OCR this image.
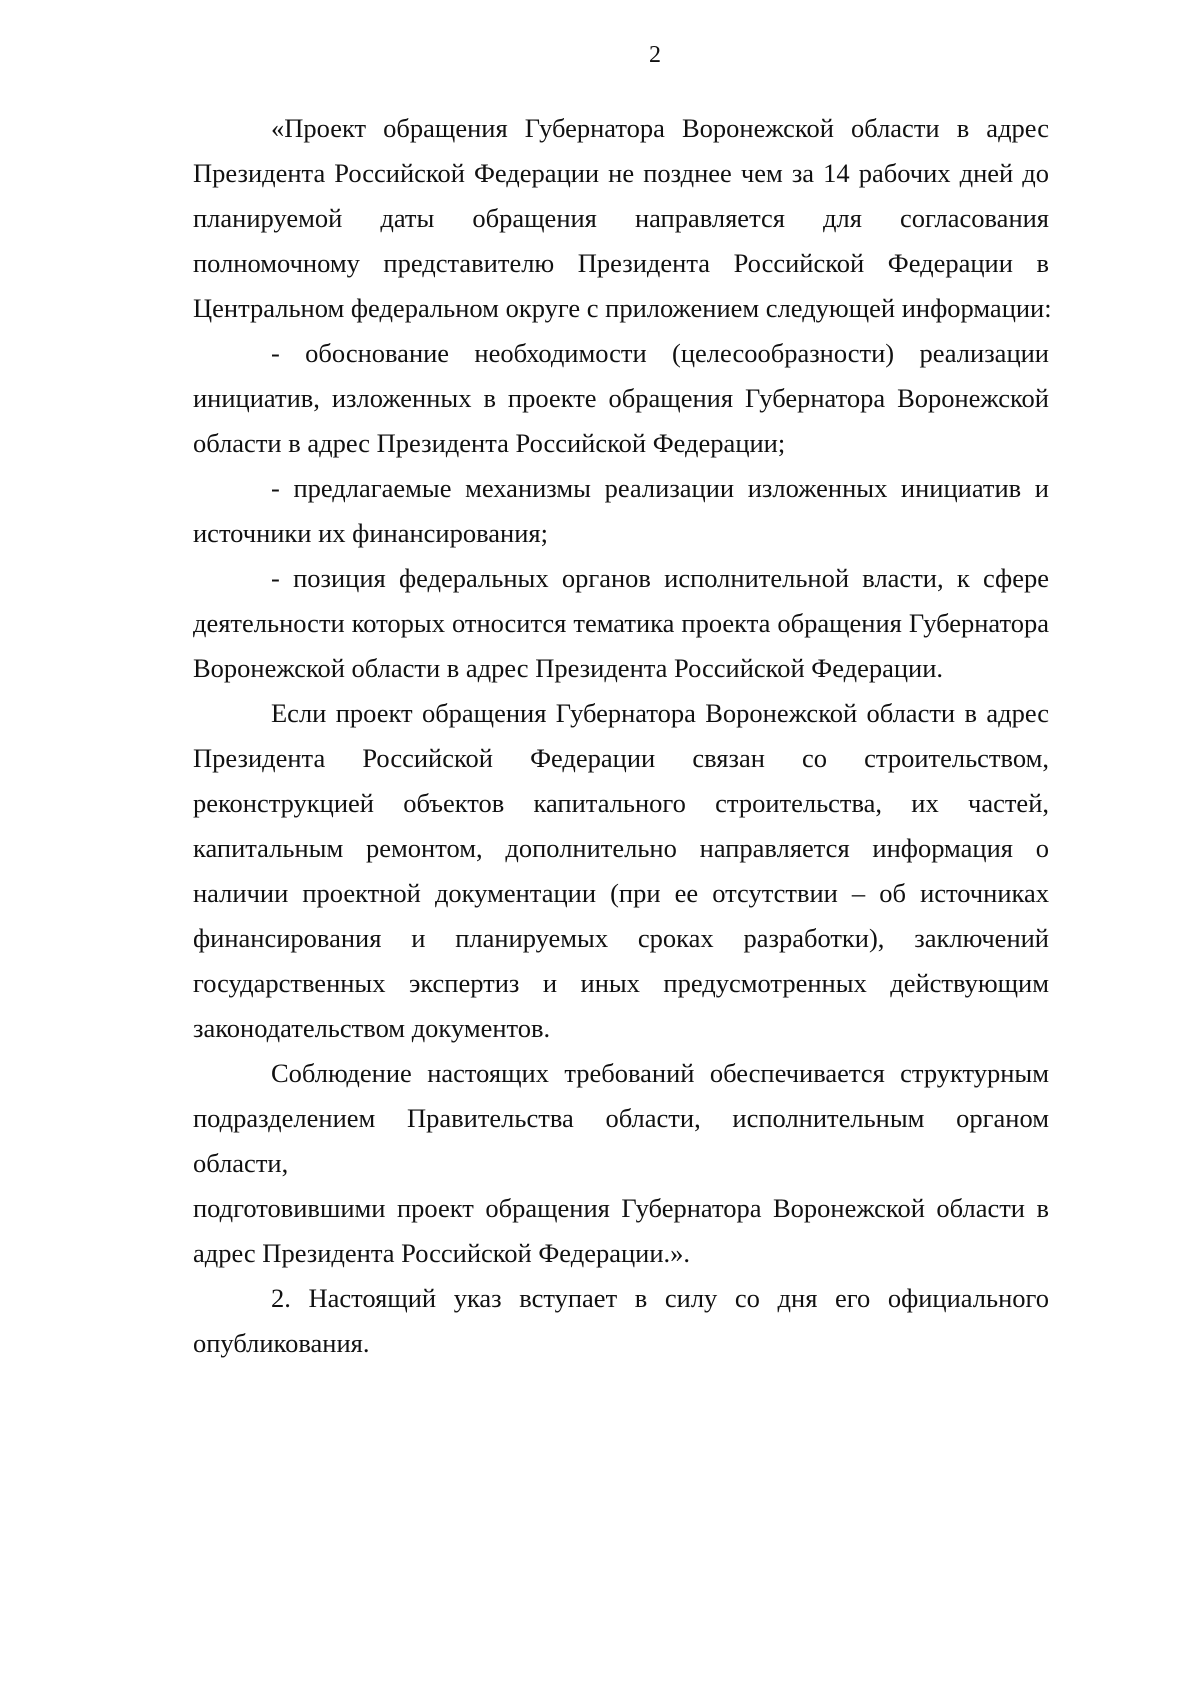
2
«Проект обращения Губернатора Воронежской области в адрес
Президента Российской Федерации не позднее чем за 14 рабочих дней до
планируемой даты обращения направляется для согласования
полномочному представителю Президента Российской Федерации в
Центральном федеральном округе с приложением следующей информации:
- обоснование необходимости (целесообразности) реализации
инициатив, изложенных в проекте обращения Губернатора Воронежской
области в адрес Президента Российской Федерации;
- предлагаемые механизмы реализации изложенных инициатив и
источники их финансирования;
- позиция федеральных органов исполнительной власти, к сфере
деятельности которых относится тематика проекта обращения Губернатора
Воронежской области в адрес Президента Российской Федерации.
Если проект обращения Губернатора Воронежской области в адрес
Президента Российской Федерации связан со строительством,
реконструкцией объектов капитального строительства, их частей,
капитальным ремонтом, дополнительно направляется информация о
наличии проектной документации (при ее отсутствии – об источниках
финансирования и планируемых сроках разработки), заключений
государственных экспертиз и иных предусмотренных действующим
законодательством документов.
Соблюдение настоящих требований обеспечивается структурным
подразделением Правительства области, исполнительным органом области,
подготовившими проект обращения Губернатора Воронежской области в
адрес Президента Российской Федерации.».
2. Настоящий указ вступает в силу со дня его официального
опубликования.
